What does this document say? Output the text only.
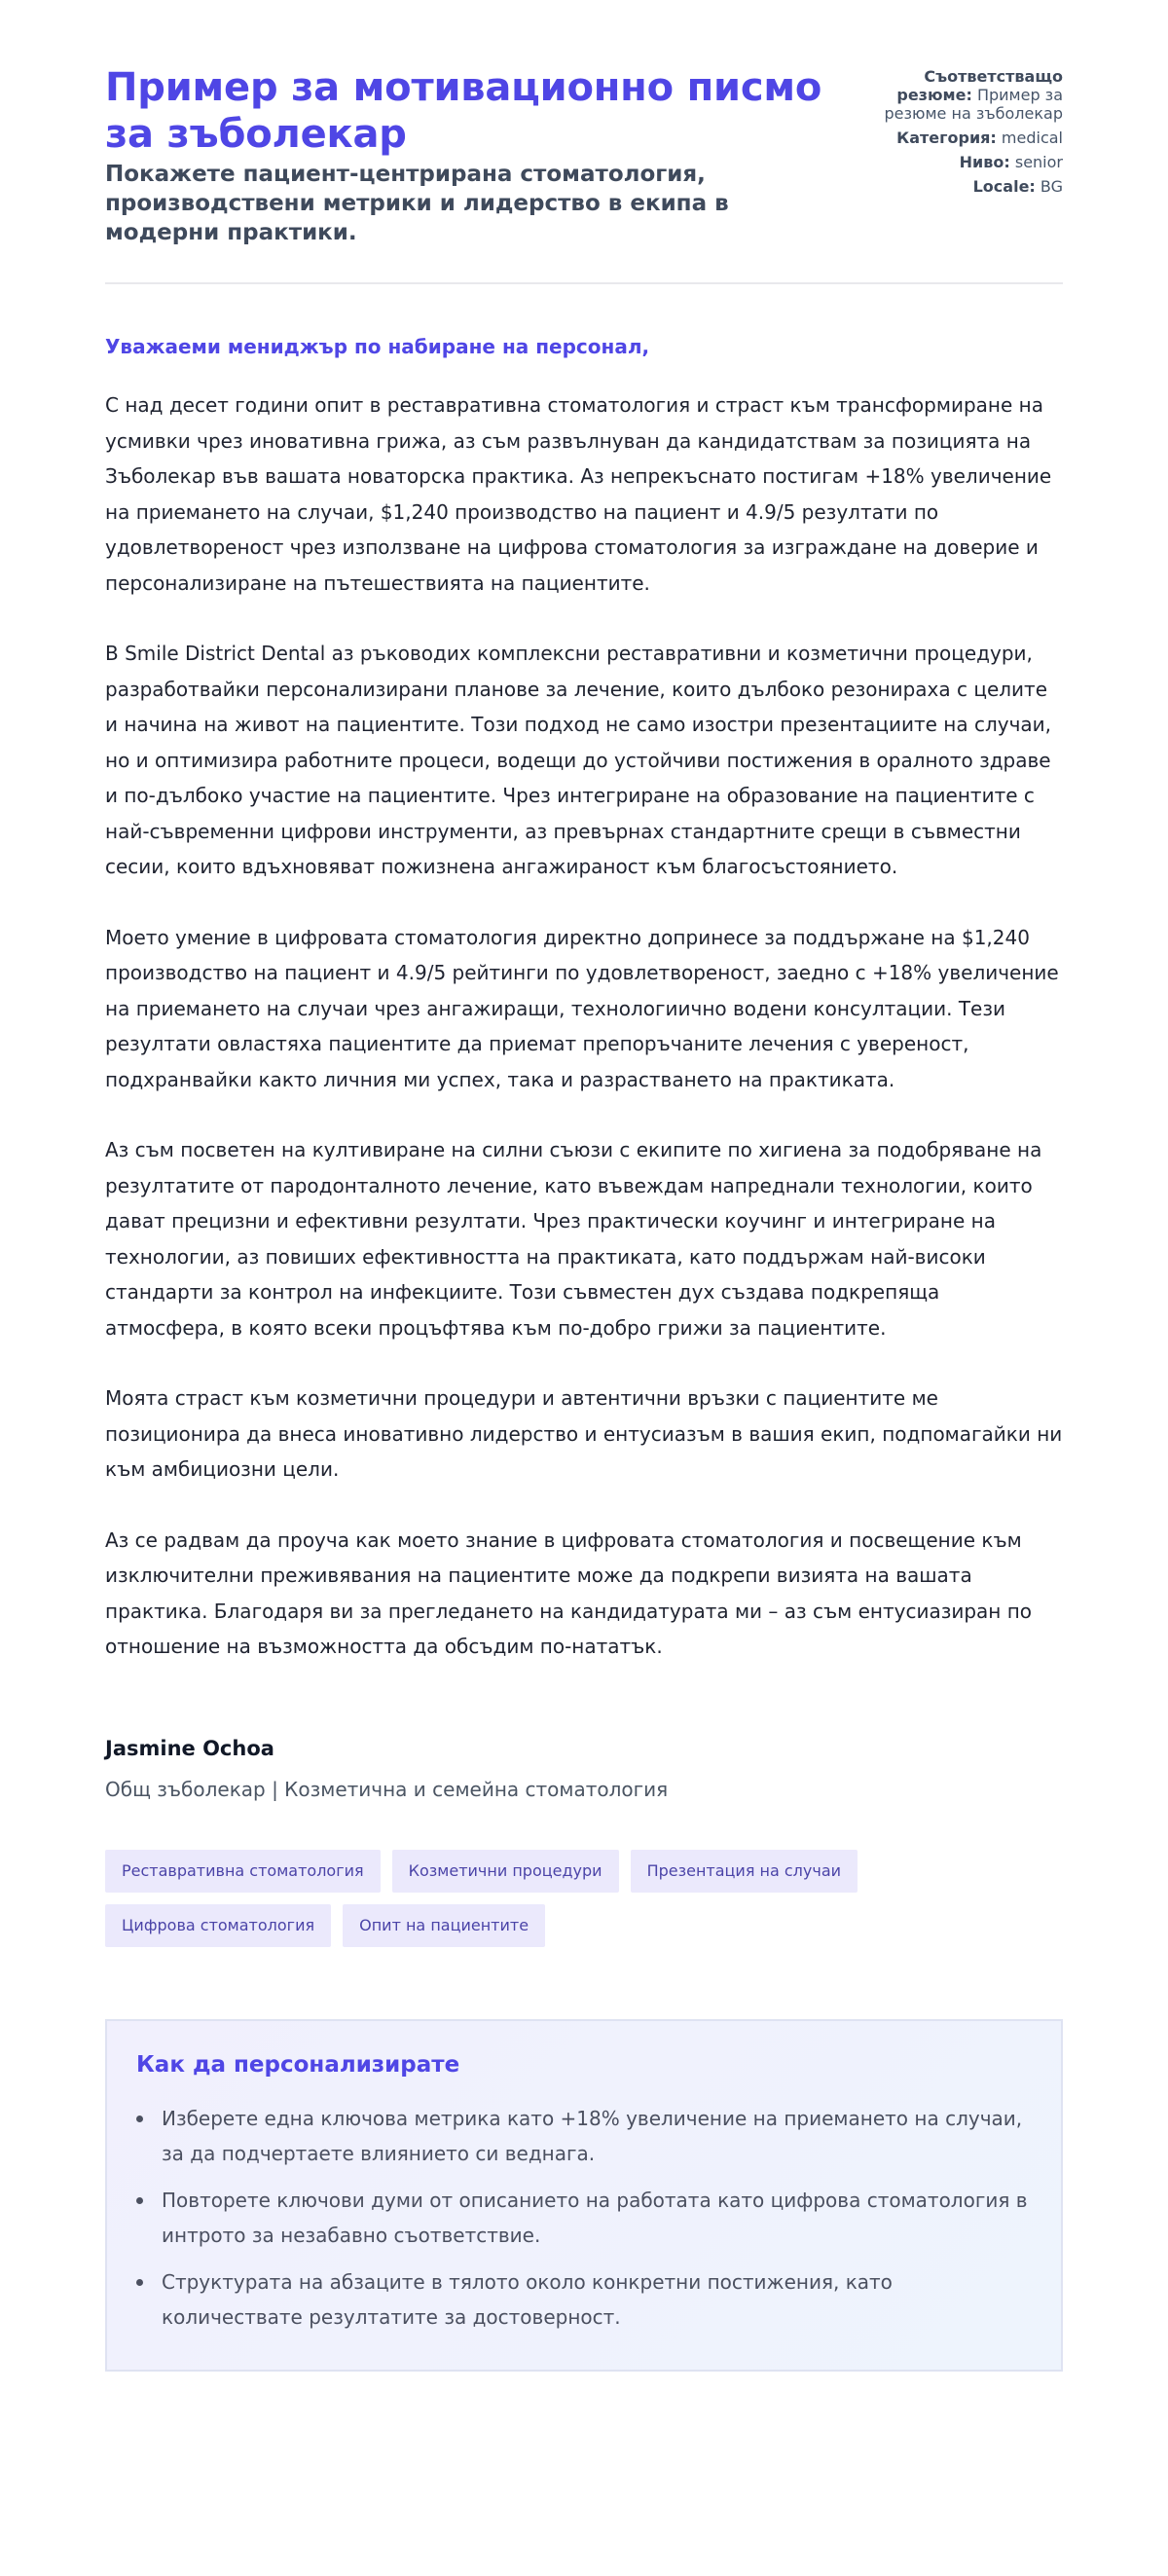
Пример за мотивационно писмо за зъболекар
Покажете пациент-центрирана стоматология, производствени метрики и лидерство в екипа в модерни практики.
Съответстващо резюме: Пример за резюме на зъболекар
Категория: medical
Ниво: senior
Locale: BG

Уважаеми мениджър по набиране на персонал,

С над десет години опит в реставративна стоматология и страст към трансформиране на усмивки чрез иновативна грижа, аз съм развълнуван да кандидатствам за позицията на Зъболекар във вашата новаторска практика. Аз непрекъснато постигам +18% увеличение на приемането на случаи, $1,240 производство на пациент и 4.9/5 резултати по удовлетвореност чрез използване на цифрова стоматология за изграждане на доверие и персонализиране на пътешествията на пациентите.

В Smile District Dental аз ръководих комплексни реставративни и козметични процедури, разработвайки персонализирани планове за лечение, които дълбоко резонираха с целите и начина на живот на пациентите. Този подход не само изостри презентациите на случаи, но и оптимизира работните процеси, водещи до устойчиви постижения в оралното здраве и по-дълбоко участие на пациентите. Чрез интегриране на образование на пациентите с най-съвременни цифрови инструменти, аз превърнах стандартните срещи в съвместни сесии, които вдъхновяват пожизнена ангажираност към благосъстоянието.

Моето умение в цифровата стоматология директно допринесе за поддържане на $1,240 производство на пациент и 4.9/5 рейтинги по удовлетвореност, заедно с +18% увеличение на приемането на случаи чрез ангажиращи, технологиично водени консултации. Тези резултати овластяха пациентите да приемат препоръчаните лечения с увереност, подхранвайки както личния ми успех, така и разрастването на практиката.

Аз съм посветен на култивиране на силни съюзи с екипите по хигиена за подобряване на резултатите от пародонталното лечение, като въвеждам напреднали технологии, които дават прецизни и ефективни резултати. Чрез практически коучинг и интегриране на технологии, аз повиших ефективността на практиката, като поддържам най-високи стандарти за контрол на инфекциите. Този съвместен дух създава подкрепяща атмосфера, в която всеки процъфтява към по-добро грижи за пациентите.

Моята страст към козметични процедури и автентични връзки с пациентите ме позиционира да внеса иновативно лидерство и ентусиазъм в вашия екип, подпомагайки ни към амбициозни цели.

Аз се радвам да проуча как моето знание в цифровата стоматология и посвещение към изключителни преживявания на пациентите може да подкрепи визията на вашата практика. Благодаря ви за прегледането на кандидатурата ми – аз съм ентусиазиран по отношение на възможността да обсъдим по-нататък.

Jasmine Ochoa
Общ зъболекар | Козметична и семейна стоматология
Реставративна стоматология	Козметични процедури	Презентация на случаи
Цифрова стоматология	Опит на пациентите
Как да персонализирате
Изберете една ключова метрика като +18% увеличение на приемането на случаи, за да подчертаете влиянието си веднага.
Повторете ключови думи от описанието на работата като цифрова стоматология в интрото за незабавно съответствие.
Структурата на абзаците в тялото около конкретни постижения, като количествате резултатите за достоверност.
